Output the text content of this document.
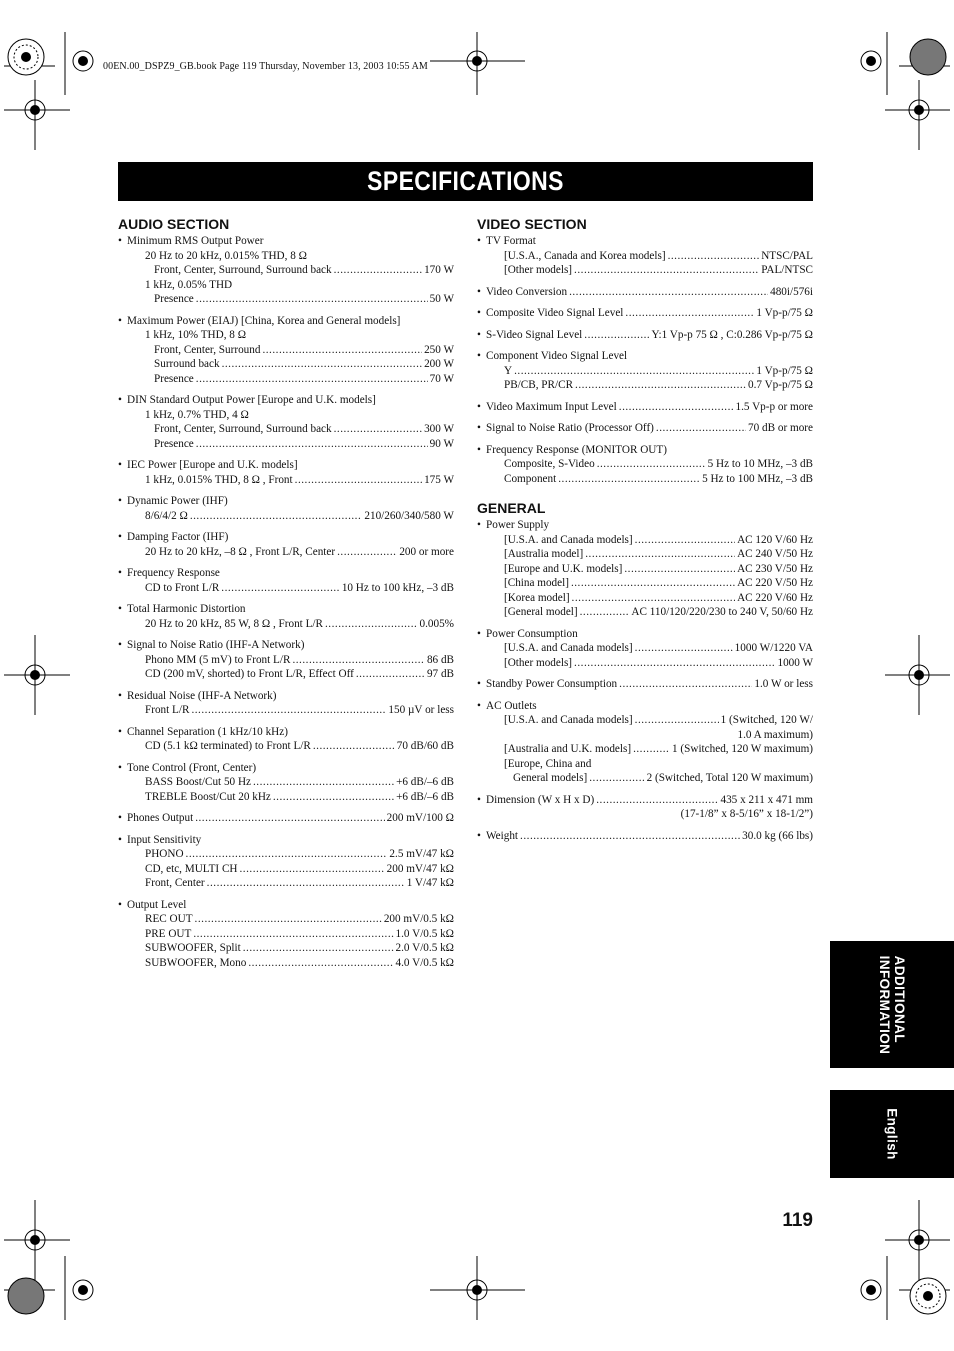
00EN.00_DSPZ9_GB.book Page 119 Thursday, November 13, 2003 10:55 AM
SPECIFICATIONS
AUDIO SECTION
• Minimum RMS Output Power
20 Hz to 20 kHz, 0.015% THD, 8 Ω
Front, Center, Surround, Surround back .....	170 W
1 kHz, 0.05% THD
Presence .....	50 W
• Maximum Power (EIAJ) [China, Korea and General models]
1 kHz, 10% THD, 8 Ω
Front, Center, Surround .....	250 W
Surround back .....	200 W
Presence .....	70 W
• DIN Standard Output Power [Europe and U.K. models]
1 kHz, 0.7% THD, 4 Ω
Front, Center, Surround, Surround back .....	300 W
Presence .....	90 W
• IEC Power [Europe and U.K. models]
1 kHz, 0.015% THD, 8 Ω , Front .....	175 W
• Dynamic Power (IHF)
8/6/4/2 Ω .....	210/260/340/580 W
• Damping Factor (IHF)
20 Hz to 20 kHz, –8 Ω , Front L/R, Center .....	200 or more
• Frequency Response
CD to Front L/R .....	10 Hz to 100 kHz, –3 dB
• Total Harmonic Distortion
20 Hz to 20 kHz, 85 W, 8 Ω , Front L/R .....	0.005%
• Signal to Noise Ratio (IHF-A Network)
Phono MM (5 mV) to Front L/R .....	86 dB
CD (200 mV, shorted) to Front L/R, Effect Off .....	97 dB
• Residual Noise (IHF-A Network)
Front L/R .....	150 µV or less
• Channel Separation (1 kHz/10 kHz)
CD (5.1 kΩ terminated) to Front L/R .....	70 dB/60 dB
• Tone Control (Front, Center)
BASS Boost/Cut 50 Hz .....	+6 dB/–6 dB
TREBLE Boost/Cut 20 kHz .....	+6 dB/–6 dB
• Phones Output .....	200 mV/100 Ω
• Input Sensitivity
PHONO .....	2.5 mV/47 kΩ
CD, etc, MULTI CH .....	200 mV/47 kΩ
Front, Center .....	1 V/47 kΩ
• Output Level
REC OUT .....	200 mV/0.5 kΩ
PRE OUT .....	1.0 V/0.5 kΩ
SUBWOOFER, Split .....	2.0 V/0.5 kΩ
SUBWOOFER, Mono .....	4.0 V/0.5 kΩ
VIDEO SECTION
• TV Format
[U.S.A., Canada and Korea models] .....	NTSC/PAL
[Other models] .....	PAL/NTSC
• Video Conversion .....	480i/576i
• Composite Video Signal Level .....	1 Vp-p/75 Ω
• S-Video Signal Level .....	Y:1 Vp-p 75 Ω , C:0.286 Vp-p/75 Ω
• Component Video Signal Level
Y .....	1 Vp-p/75 Ω
PB/CB, PR/CR .....	0.7 Vp-p/75 Ω
• Video Maximum Input Level .....	1.5 Vp-p or more
• Signal to Noise Ratio (Processor Off) .....	70 dB or more
• Frequency Response (MONITOR OUT)
Composite, S-Video .....	5 Hz to 10 MHz, –3 dB
Component .....	5 Hz to 100 MHz, –3 dB
GENERAL
• Power Supply
[U.S.A. and Canada models] .....	AC 120 V/60 Hz
[Australia model] .....	AC 240 V/50 Hz
[Europe and U.K. models] .....	AC 230 V/50 Hz
[China model] .....	AC 220 V/50 Hz
[Korea model] .....	AC 220 V/60 Hz
[General model] .....	AC 110/120/220/230 to 240 V, 50/60 Hz
• Power Consumption
[U.S.A. and Canada models] .....	1000 W/1220 VA
[Other models] .....	1000 W
• Standby Power Consumption .....	1.0 W or less
• AC Outlets
[U.S.A. and Canada models] .....	1 (Switched, 120 W/
1.0 A maximum)
[Australia and U.K. models] .....	1 (Switched, 120 W maximum)
[Europe, China and
General models] .....	2 (Switched, Total 120 W maximum)
• Dimension (W x H x D) .....	435 x 211 x 471 mm
(17-1/8” x 8-5/16” x 18-1/2”)
• Weight .....	30.0 kg (66 lbs)
ADDITIONAL
INFORMATION
English
119
